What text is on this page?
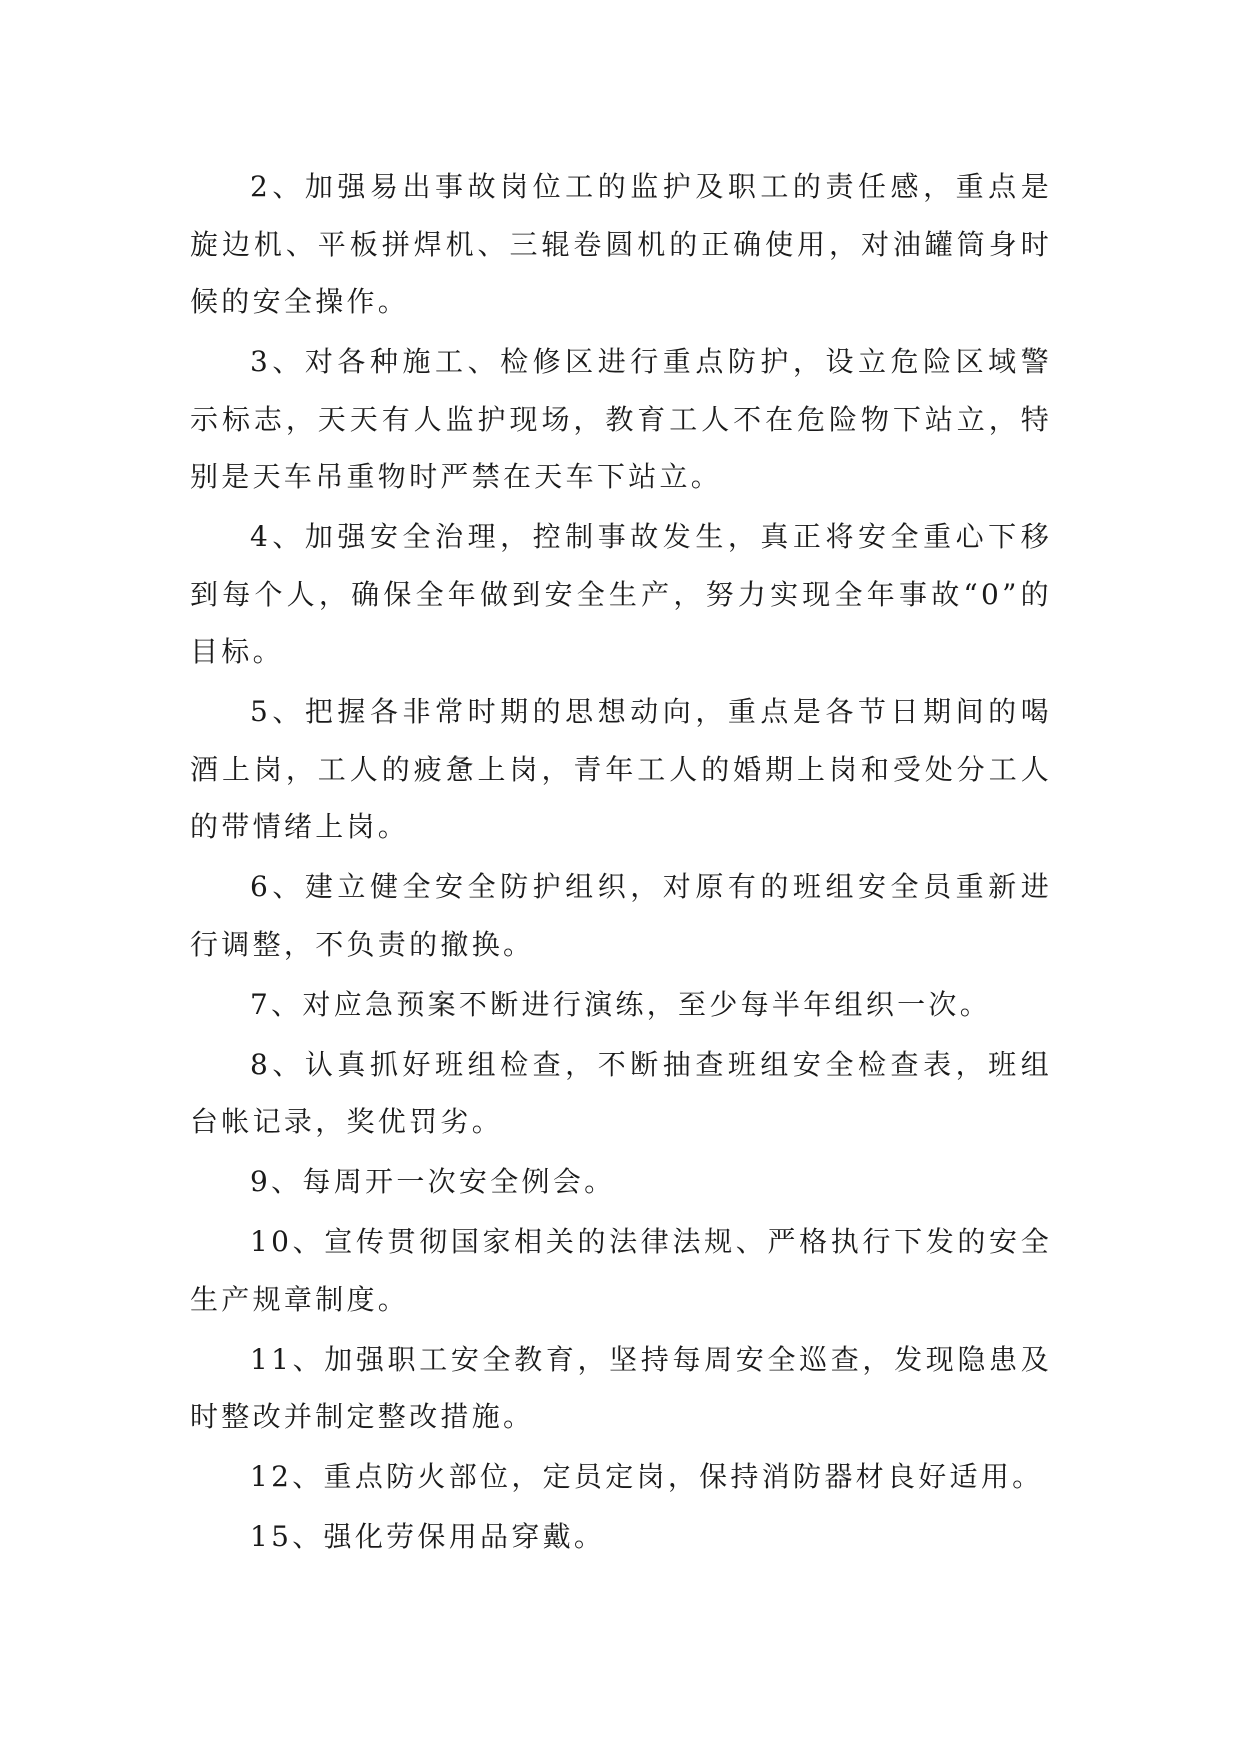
2、加强易出事故岗位工的监护及职工的责任感，重点是旋边机、平板拼焊机、三辊卷圆机的正确使用，对油罐筒身时候的安全操作。

3、对各种施工、检修区进行重点防护，设立危险区域警示标志，天天有人监护现场，教育工人不在危险物下站立，特别是天车吊重物时严禁在天车下站立。

4、加强安全治理，控制事故发生，真正将安全重心下移到每个人，确保全年做到安全生产，努力实现全年事故“0”的目标。

5、把握各非常时期的思想动向，重点是各节日期间的喝酒上岗，工人的疲惫上岗，青年工人的婚期上岗和受处分工人的带情绪上岗。

6、建立健全安全防护组织，对原有的班组安全员重新进行调整，不负责的撤换。

7、对应急预案不断进行演练，至少每半年组织一次。

8、认真抓好班组检查，不断抽查班组安全检查表，班组台帐记录，奖优罚劣。

9、每周开一次安全例会。

10、宣传贯彻国家相关的法律法规、严格执行下发的安全生产规章制度。

11、加强职工安全教育，坚持每周安全巡查，发现隐患及时整改并制定整改措施。

12、重点防火部位，定员定岗，保持消防器材良好适用。

15、强化劳保用品穿戴。
